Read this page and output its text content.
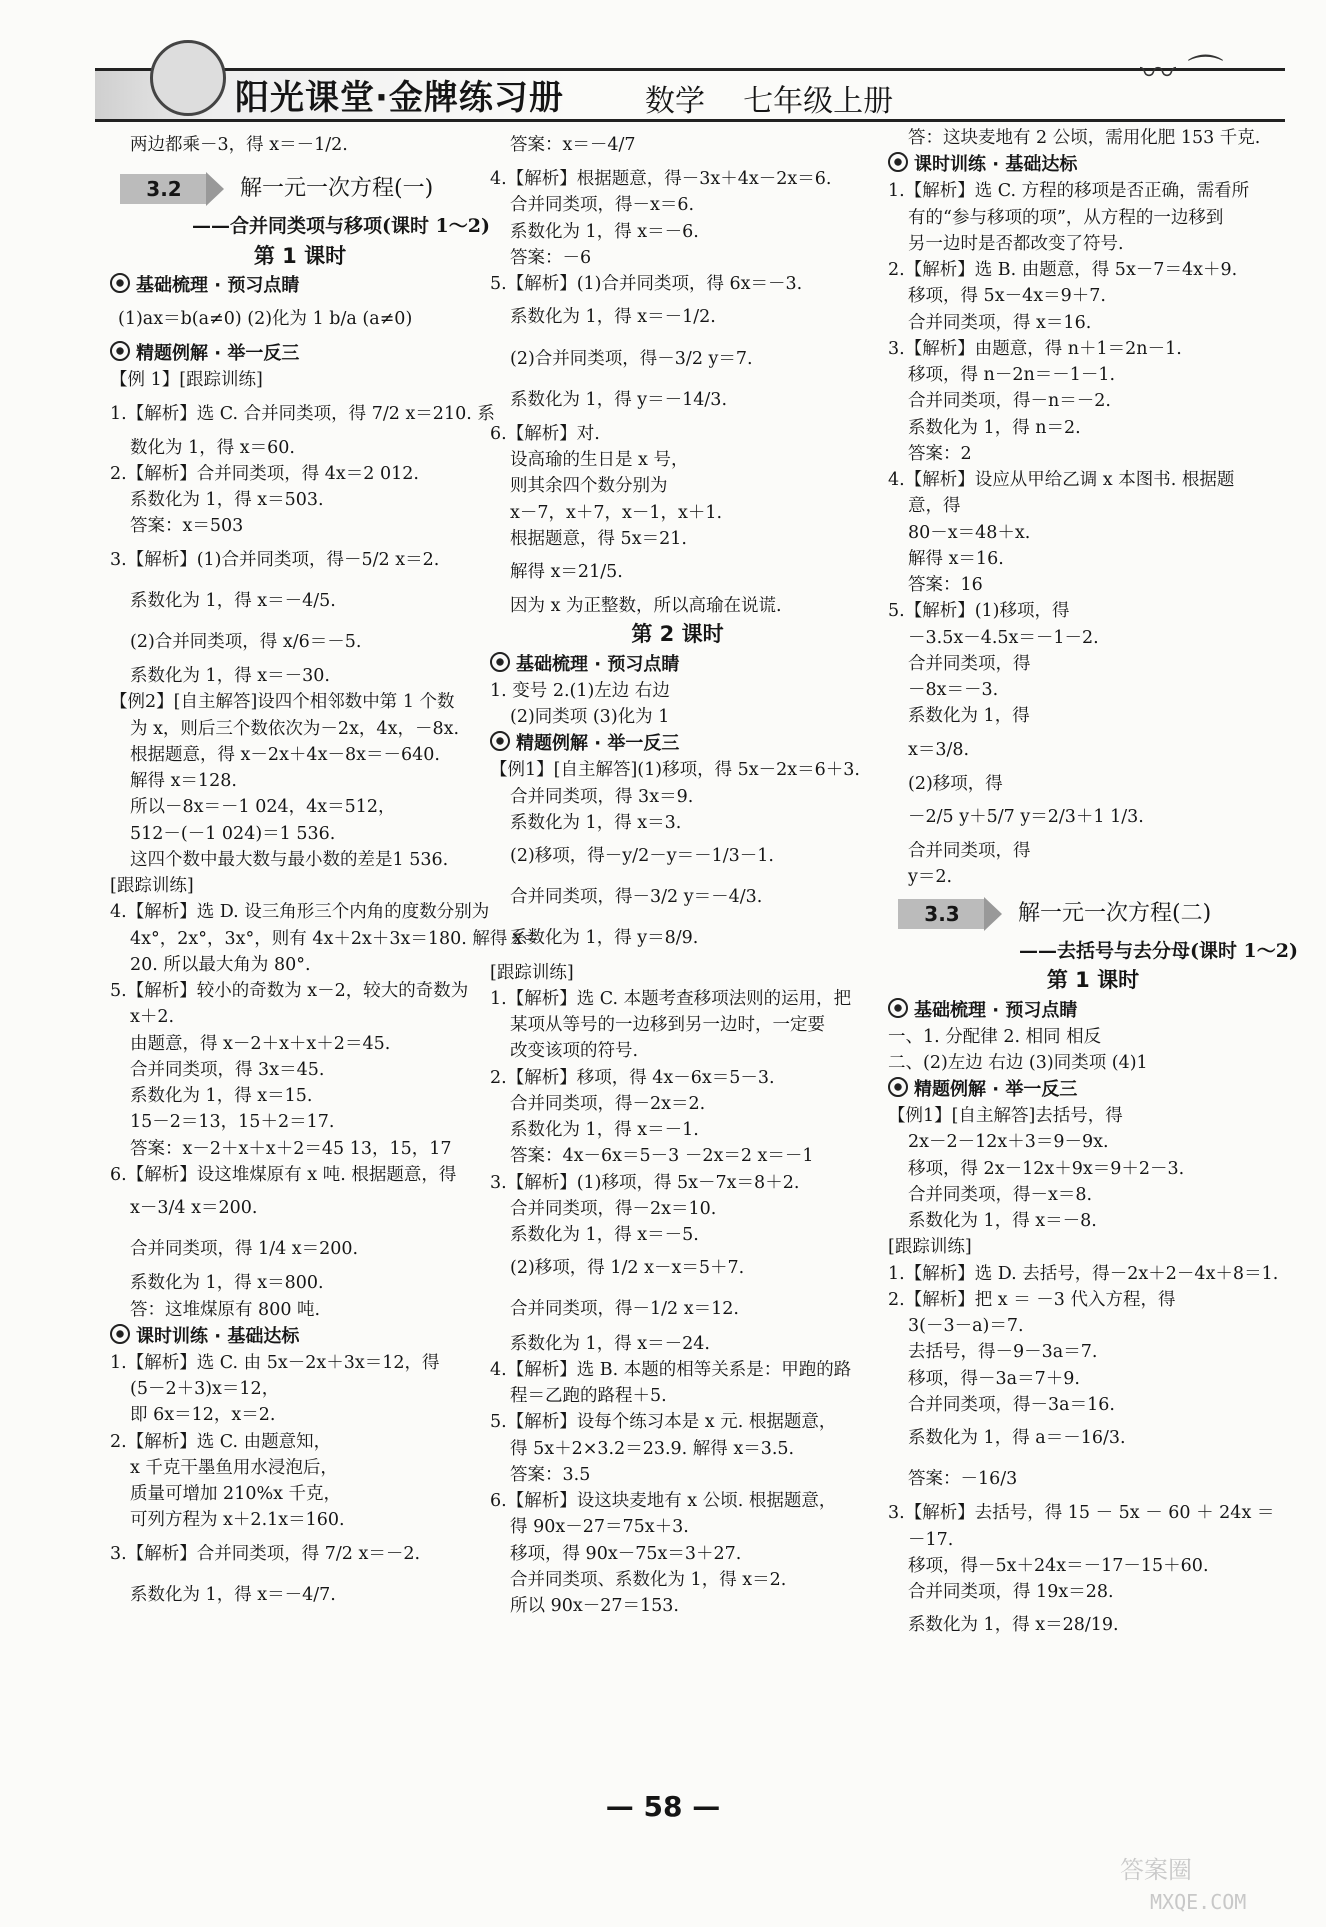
阳光课堂·金牌练习册	数学 七年级上册
〰 ⌒
两边都乘－3，得 x＝－1/2.
3.2	解一元一次方程(一)
——合并同类项与移项(课时 1～2)
第 1 课时
基础梳理 · 预习点睛
(1)ax＝b(a≠0) (2)化为 1 b/a (a≠0)
精题例解 · 举一反三
【例 1】[跟踪训练]
1.【解析】选 C. 合并同类项，得 7/2 x＝210. 系
数化为 1，得 x＝60.
2.【解析】合并同类项，得 4x＝2 012.
系数化为 1，得 x＝503.
答案：x＝503
3.【解析】(1)合并同类项，得－5/2 x＝2.
系数化为 1，得 x＝－4/5.
(2)合并同类项，得 x/6＝－5.
系数化为 1，得 x＝－30.
【例2】[自主解答]设四个相邻数中第 1 个数
为 x，则后三个数依次为－2x，4x，－8x.
根据题意，得 x－2x＋4x－8x＝－640.
解得 x＝128.
所以－8x＝－1 024，4x＝512，
512－(－1 024)＝1 536.
这四个数中最大数与最小数的差是1 536.
[跟踪训练]
4.【解析】选 D. 设三角形三个内角的度数分别为
4x°，2x°，3x°，则有 4x＋2x＋3x＝180. 解得 x＝
20. 所以最大角为 80°.
5.【解析】较小的奇数为 x－2，较大的奇数为
x＋2.
由题意，得 x－2＋x＋x＋2＝45.
合并同类项，得 3x＝45.
系数化为 1，得 x＝15.
15－2＝13，15＋2＝17.
答案：x－2＋x＋x＋2＝45 13，15，17
6.【解析】设这堆煤原有 x 吨. 根据题意，得
x－3/4 x＝200.
合并同类项，得 1/4 x＝200.
系数化为 1，得 x＝800.
答：这堆煤原有 800 吨.
课时训练 · 基础达标
1.【解析】选 C. 由 5x－2x＋3x＝12，得
(5－2＋3)x＝12，
即 6x＝12，x＝2.
2.【解析】选 C. 由题意知，
x 千克干墨鱼用水浸泡后，
质量可增加 210%x 千克，
可列方程为 x＋2.1x＝160.
3.【解析】合并同类项，得 7/2 x＝－2.
系数化为 1，得 x＝－4/7.
答案：x＝－4/7
4.【解析】根据题意，得－3x＋4x－2x＝6.
合并同类项，得－x＝6.
系数化为 1，得 x＝－6.
答案：－6
5.【解析】(1)合并同类项，得 6x＝－3.
系数化为 1，得 x＝－1/2.
(2)合并同类项，得－3/2 y＝7.
系数化为 1，得 y＝－14/3.
6.【解析】对.
设高瑜的生日是 x 号，
则其余四个数分别为
x－7，x＋7，x－1，x＋1.
根据题意，得 5x＝21.
解得 x＝21/5.
因为 x 为正整数，所以高瑜在说谎.
第 2 课时
基础梳理 · 预习点睛
1. 变号 2.(1)左边 右边
(2)同类项 (3)化为 1
精题例解 · 举一反三
【例1】[自主解答](1)移项，得 5x－2x＝6＋3.
合并同类项，得 3x＝9.
系数化为 1，得 x＝3.
(2)移项，得－y/2－y＝－1/3－1.
合并同类项，得－3/2 y＝－4/3.
系数化为 1，得 y＝8/9.
[跟踪训练]
1.【解析】选 C. 本题考查移项法则的运用，把
某项从等号的一边移到另一边时，一定要
改变该项的符号.
2.【解析】移项，得 4x－6x＝5－3.
合并同类项，得－2x＝2.
系数化为 1，得 x＝－1.
答案：4x－6x＝5－3 －2x＝2 x＝－1
3.【解析】(1)移项，得 5x－7x＝8＋2.
合并同类项，得－2x＝10.
系数化为 1，得 x＝－5.
(2)移项，得 1/2 x－x＝5＋7.
合并同类项，得－1/2 x＝12.
系数化为 1，得 x＝－24.
4.【解析】选 B. 本题的相等关系是：甲跑的路
程＝乙跑的路程＋5.
5.【解析】设每个练习本是 x 元. 根据题意，
得 5x＋2×3.2＝23.9. 解得 x＝3.5.
答案：3.5
6.【解析】设这块麦地有 x 公顷. 根据题意，
得 90x－27＝75x＋3.
移项，得 90x－75x＝3＋27.
合并同类项、系数化为 1，得 x＝2.
所以 90x－27＝153.
答：这块麦地有 2 公顷，需用化肥 153 千克.
课时训练 · 基础达标
1.【解析】选 C. 方程的移项是否正确，需看所
有的“参与移项的项”，从方程的一边移到
另一边时是否都改变了符号.
2.【解析】选 B. 由题意，得 5x－7＝4x＋9.
移项，得 5x－4x＝9＋7.
合并同类项，得 x＝16.
3.【解析】由题意，得 n＋1＝2n－1.
移项，得 n－2n＝－1－1.
合并同类项，得－n＝－2.
系数化为 1，得 n＝2.
答案：2
4.【解析】设应从甲给乙调 x 本图书. 根据题
意，得
80－x＝48＋x.
解得 x＝16.
答案：16
5.【解析】(1)移项，得
－3.5x－4.5x＝－1－2.
合并同类项，得
－8x＝－3.
系数化为 1，得
x＝3/8.
(2)移项，得
－2/5 y＋5/7 y＝2/3＋1 1/3.
合并同类项，得
y＝2.
3.3	解一元一次方程(二)
——去括号与去分母(课时 1～2)
第 1 课时
基础梳理 · 预习点睛
一、1. 分配律 2. 相同 相反
二、(2)左边 右边 (3)同类项 (4)1
精题例解 · 举一反三
【例1】[自主解答]去括号，得
2x－2－12x＋3＝9－9x.
移项，得 2x－12x＋9x＝9＋2－3.
合并同类项，得－x＝8.
系数化为 1，得 x＝－8.
[跟踪训练]
1.【解析】选 D. 去括号，得－2x＋2－4x＋8＝1.
2.【解析】把 x ＝ －3 代入方程，得
3(－3－a)＝7.
去括号，得－9－3a＝7.
移项，得－3a＝7＋9.
合并同类项，得－3a＝16.
系数化为 1，得 a＝－16/3.
答案：－16/3
3.【解析】去括号，得 15 － 5x － 60 ＋ 24x ＝
－17.
移项，得－5x＋24x＝－17－15＋60.
合并同类项，得 19x＝28.
系数化为 1，得 x＝28/19.
— 58 —
答案圈
MXQE.COM
